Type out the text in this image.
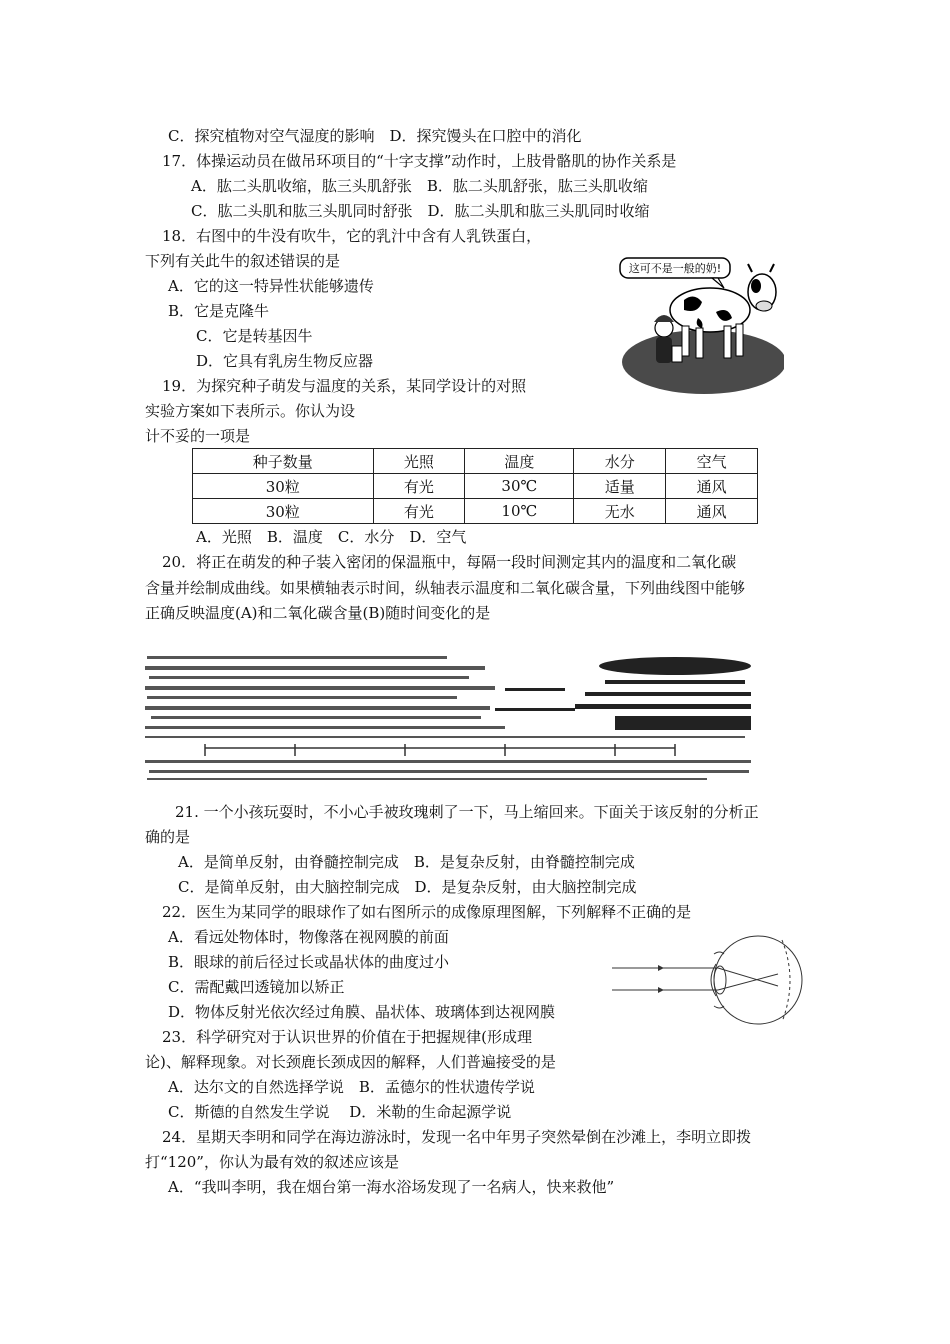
C．探究植物对空气湿度的影响　D．探究馒头在口腔中的消化
17．体操运动员在做吊环项目的“十字支撑”动作时，上肢骨骼肌的协作关系是
A．肱二头肌收缩，肱三头肌舒张　B．肱二头肌舒张，肱三头肌收缩
C．肱二头肌和肱三头肌同时舒张　D．肱二头肌和肱三头肌同时收缩
18．右图中的牛没有吹牛，它的乳汁中含有人乳铁蛋白，
下列有关此牛的叙述错误的是
A．它的这一特异性状能够遗传
B．它是克隆牛
C．它是转基因牛
D．它具有乳房生物反应器
这可不是一般的奶!
19．为探究种子萌发与温度的关系，某同学设计的对照
实验方案如下表所示。你认为设
计不妥的一项是
种子数量	光照	温度	水分	空气
30粒	有光	30℃	适量	通风
30粒	有光	10℃	无水	通风
A．光照　B．温度　C．水分　D．空气
20．将正在萌发的种子装入密闭的保温瓶中，每隔一段时间测定其内的温度和二氧化碳
含量并绘制成曲线。如果横轴表示时间，纵轴表示温度和二氧化碳含量，下列曲线图中能够
正确反映温度(A)和二氧化碳含量(B)随时间变化的是
21. 一个小孩玩耍时，不小心手被玫瑰刺了一下，马上缩回来。下面关于该反射的分析正
确的是
A．是简单反射，由脊髓控制完成　B．是复杂反射，由脊髓控制完成
C．是简单反射，由大脑控制完成　D．是复杂反射，由大脑控制完成
22．医生为某同学的眼球作了如右图所示的成像原理图解，下列解释不正确的是
A．看远处物体时，物像落在视网膜的前面
B．眼球的前后径过长或晶状体的曲度过小
C．需配戴凹透镜加以矫正
D．物体反射光依次经过角膜、晶状体、玻璃体到达视网膜
23．科学研究对于认识世界的价值在于把握规律(形成理
论)、解释现象。对长颈鹿长颈成因的解释，人们普遍接受的是
A．达尔文的自然选择学说　B．孟德尔的性状遗传学说
C．斯德的自然发生学说　 D．米勒的生命起源学说
24．星期天李明和同学在海边游泳时，发现一名中年男子突然晕倒在沙滩上，李明立即拨
打“120”，你认为最有效的叙述应该是
A．“我叫李明，我在烟台第一海水浴场发现了一名病人，快来救他”
